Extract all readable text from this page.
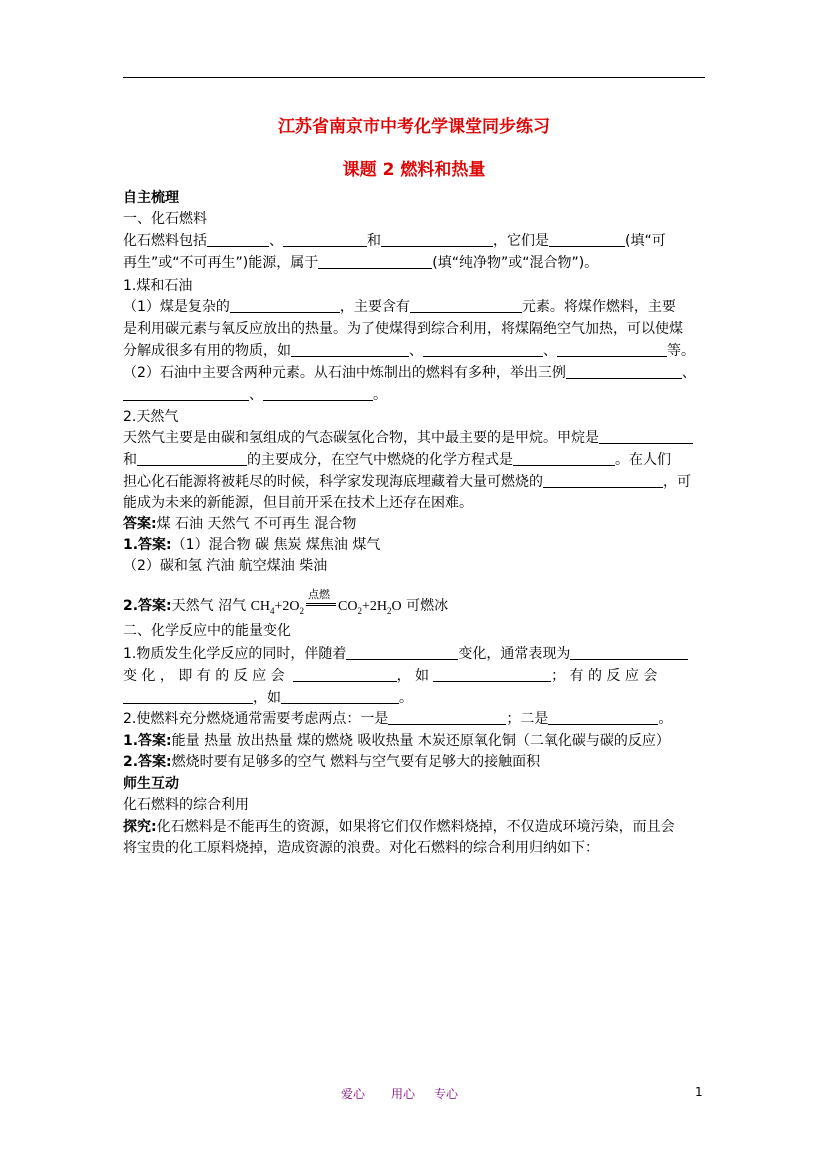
江苏省南京市中考化学课堂同步练习
课题 2 燃料和热量
自主梳理
一、化石燃料
化石燃料包括	、	和	，它们是	(填“可
再生”或“不可再生”)能源，属于	(填“纯净物”或“混合物”)。
1.煤和石油
（1）煤是复杂的	，主要含有	元素。将煤作燃料，主要
是利用碳元素与氧反应放出的热量。为了使煤得到综合利用，将煤隔绝空气加热，可以使煤
分解成很多有用的物质，如	、	、	等。
（2）石油中主要含两种元素。从石油中炼制出的燃料有多种，举出三例	、
、	。
2.天然气
天然气主要是由碳和氢组成的气态碳氢化合物，其中最主要的是甲烷。甲烷是
和	的主要成分，在空气中燃烧的化学方程式是	。在人们
担心化石能源将被耗尽的时候，科学家发现海底埋藏着大量可燃烧的	，可
能成为未来的新能源，但目前开采在技术上还存在困难。
答案:煤 石油 天然气 不可再生 混合物
1.答案:（1）混合物 碳 焦炭 煤焦油 煤气
（2）碳和氢 汽油 航空煤油 柴油
2.答案:天然气 沼气 $CH_4+2O_2$
点燃
$CO_2+2H_2O$ 可燃冰
二、化学反应中的能量变化
1.物质发生化学反应的同时，伴随着	变化，通常表现为
变 化 ， 即 有 的 反 应 会	， 如	； 有 的 反 应 会
，如	。
2.使燃料充分燃烧通常需要考虑两点：一是	；二是	。
1.答案:能量 热量 放出热量 煤的燃烧 吸收热量 木炭还原氧化铜（二氧化碳与碳的反应）
2.答案:燃烧时要有足够多的空气 燃料与空气要有足够大的接触面积
师生互动
化石燃料的综合利用
探究:化石燃料是不能再生的资源，如果将它们仅作燃料烧掉，不仅造成环境污染，而且会
将宝贵的化工原料烧掉，造成资源的浪费。对化石燃料的综合利用归纳如下：
爱心 用心 专心	1
